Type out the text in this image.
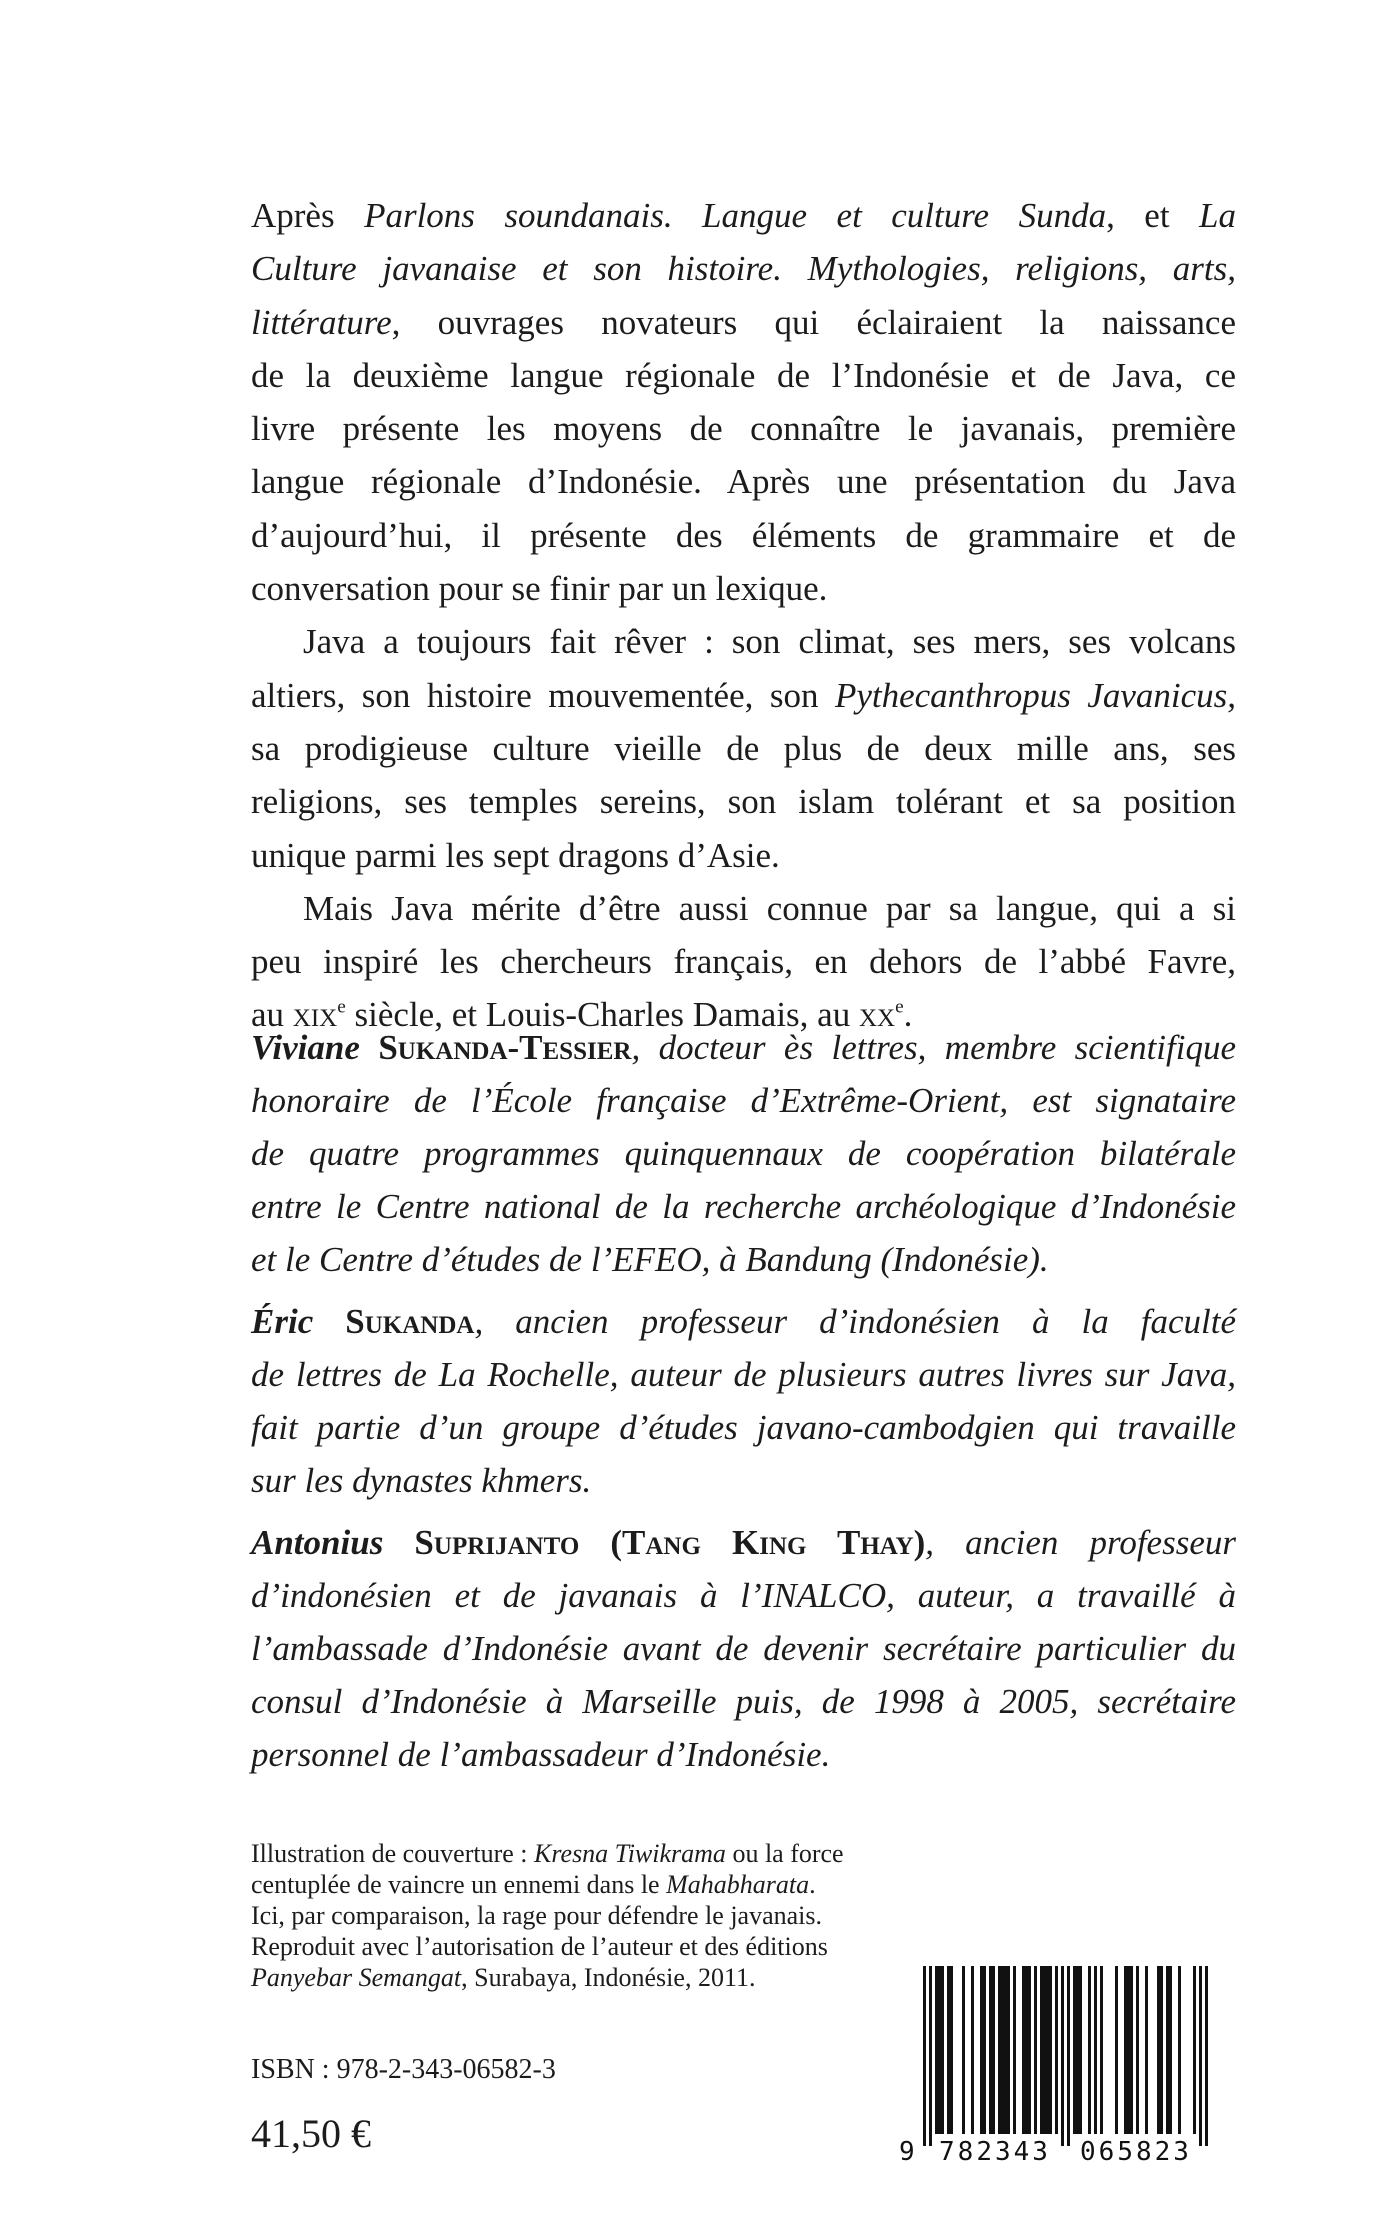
Après Parlons soundanais. Langue et culture Sunda, et La
Culture javanaise et son histoire. Mythologies, religions, arts,
littérature, ouvrages novateurs qui éclairaient la naissance
de la deuxième langue régionale de l’Indonésie et de Java, ce
livre présente les moyens de connaître le javanais, première
langue régionale d’Indonésie. Après une présentation du Java
d’aujourd’hui, il présente des éléments de grammaire et de
conversation pour se finir par un lexique.
Java a toujours fait rêver : son climat, ses mers, ses volcans
altiers, son histoire mouvementée, son Pythecanthropus Javanicus,
sa prodigieuse culture vieille de plus de deux mille ans, ses
religions, ses temples sereins, son islam tolérant et sa position
unique parmi les sept dragons d’Asie.
Mais Java mérite d’être aussi connue par sa langue, qui a si
peu inspiré les chercheurs français, en dehors de l’abbé Favre,
au xix$^e$ siècle, et Louis-Charles Damais, au $xx^e$.
Viviane Sukanda-Tessier, docteur ès lettres, membre scientifique
honoraire de l’École française d’Extrême-Orient, est signataire
de quatre programmes quinquennaux de coopération bilatérale
entre le Centre national de la recherche archéologique d’Indonésie
et le Centre d’études de l’EFEO, à Bandung (Indonésie).
Éric Sukanda, ancien professeur d’indonésien à la faculté
de lettres de La Rochelle, auteur de plusieurs autres livres sur Java,
fait partie d’un groupe d’études javano-cambodgien qui travaille
sur les dynastes khmers.
Antonius Suprijanto (Tang King Thay), ancien professeur
d’indonésien et de javanais à l’INALCO, auteur, a travaillé à
l’ambassade d’Indonésie avant de devenir secrétaire particulier du
consul d’Indonésie à Marseille puis, de 1998 à 2005, secrétaire
personnel de l’ambassadeur d’Indonésie.
Illustration de couverture : Kresna Tiwikrama ou la force
centuplée de vaincre un ennemi dans le Mahabharata.
Ici, par comparaison, la rage pour défendre le javanais.
Reproduit avec l’autorisation de l’auteur et des éditions
Panyebar Semangat, Surabaya, Indonésie, 2011.
ISBN : 978-2-343-06582-3
41,50 €	9 782343 065823
